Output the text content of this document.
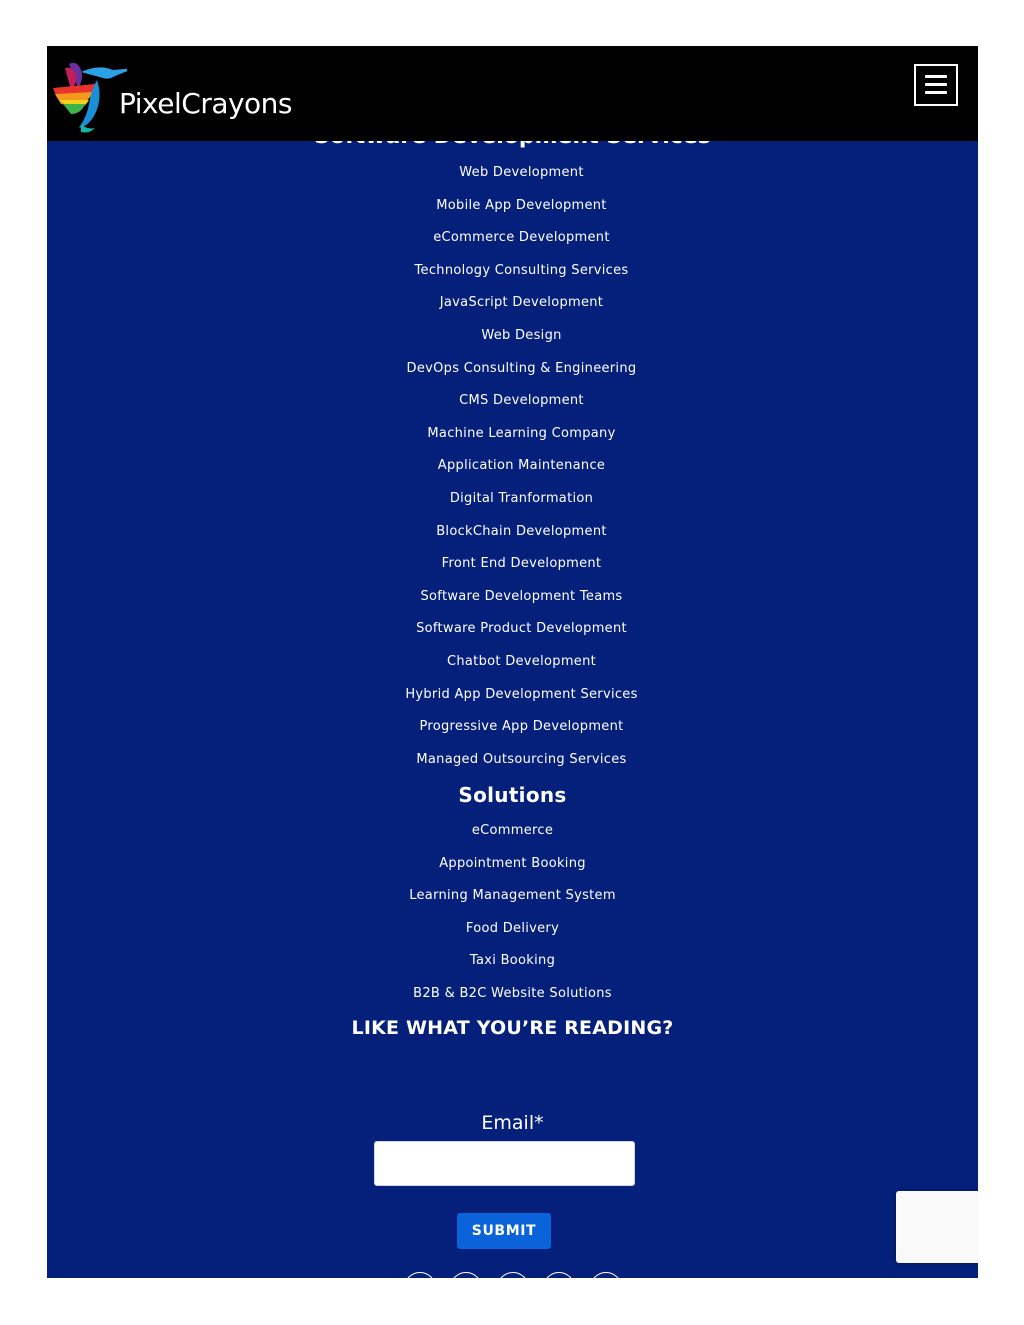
PixelCrayons
Web Development
Mobile App Development
eCommerce Development
Technology Consulting Services
JavaScript Development
Web Design
DevOps Consulting & Engineering
CMS Development
Machine Learning Company
Application Maintenance
Digital Tranformation
BlockChain Development
Front End Development
Software Development Teams
Software Product Development
Chatbot Development
Hybrid App Development Services
Progressive App Development
Managed Outsourcing Services
Solutions
eCommerce
Appointment Booking
Learning Management System
Food Delivery
Taxi Booking
B2B & B2C Website Solutions
LIKE WHAT YOU’RE READING?
Email*
SUBMIT
